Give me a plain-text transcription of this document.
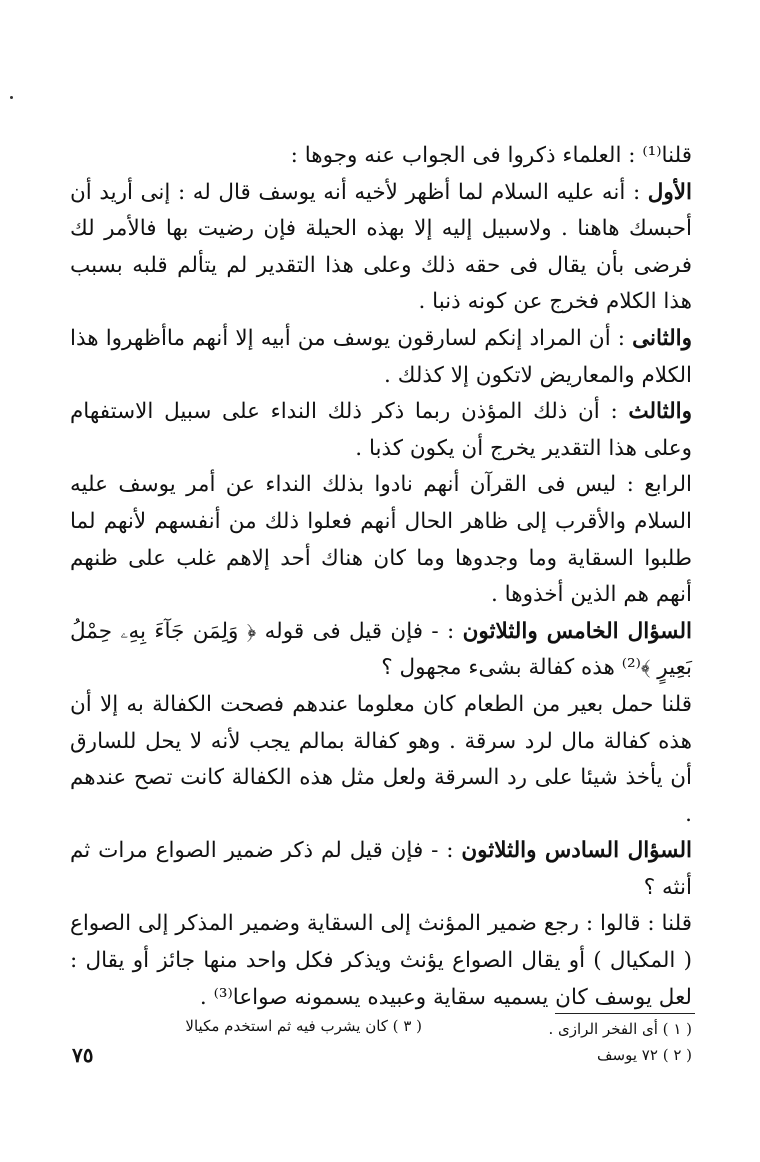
قلنا⁽¹⁾ : العلماء ذكروا فى الجواب عنه وجوها :

الأول : أنه عليه السلام لما أظهر لأخيه أنه يوسف قال له : إنى أريد أن أحبسك هاهنا . ولاسبيل إليه إلا بهذه الحيلة فإن رضيت بها فالأمر لك فرضى بأن يقال فى حقه ذلك وعلى هذا التقدير لم يتألم قلبه بسبب هذا الكلام فخرج عن كونه ذنبا .

والثانى : أن المراد إنكم لسارقون يوسف من أبيه إلا أنهم ماأظهروا هذا الكلام والمعاريض لاتكون إلا كذلك .

والثالث : أن ذلك المؤذن ربما ذكر ذلك النداء على سبيل الاستفهام وعلى هذا التقدير يخرج أن يكون كذبا .

الرابع : ليس فى القرآن أنهم نادوا بذلك النداء عن أمر يوسف عليه السلام والأقرب إلى ظاهر الحال أنهم فعلوا ذلك من أنفسهم لأنهم لما طلبوا السقاية وما وجدوها وما كان هناك أحد إلاهم غلب على ظنهم أنهم هم الذين أخذوها .

السؤال الخامس والثلاثون : - فإن قيل فى قوله ﴿ وَلِمَن جَآءَ بِهِۦ حِمْلُ بَعِيرٍ ﴾⁽²⁾ هذه كفالة بشىء مجهول ؟

قلنا حمل بعير من الطعام كان معلوما عندهم فصحت الكفالة به إلا أن هذه كفالة مال لرد سرقة . وهو كفالة بمالم يجب لأنه لا يحل للسارق أن يأخذ شيئا على رد السرقة ولعل مثل هذه الكفالة كانت تصح عندهم .

السؤال السادس والثلاثون : - فإن قيل لم ذكر ضمير الصواع مرات ثم أنثه ؟

قلنا : قالوا : رجع ضمير المؤنث إلى السقاية وضمير المذكر إلى الصواع ( المكيال ) أو يقال الصواع يؤنث ويذكر فكل واحد منها جائز أو يقال : لعل يوسف كان يسميه سقاية وعبيده يسمونه صواعا⁽³⁾ .

( ١ ) أى الفخر الرازى .
( ٢ ) ٧٢ يوسف
( ٣ ) كان يشرب فيه ثم استخدم مكيالا
٧٥
